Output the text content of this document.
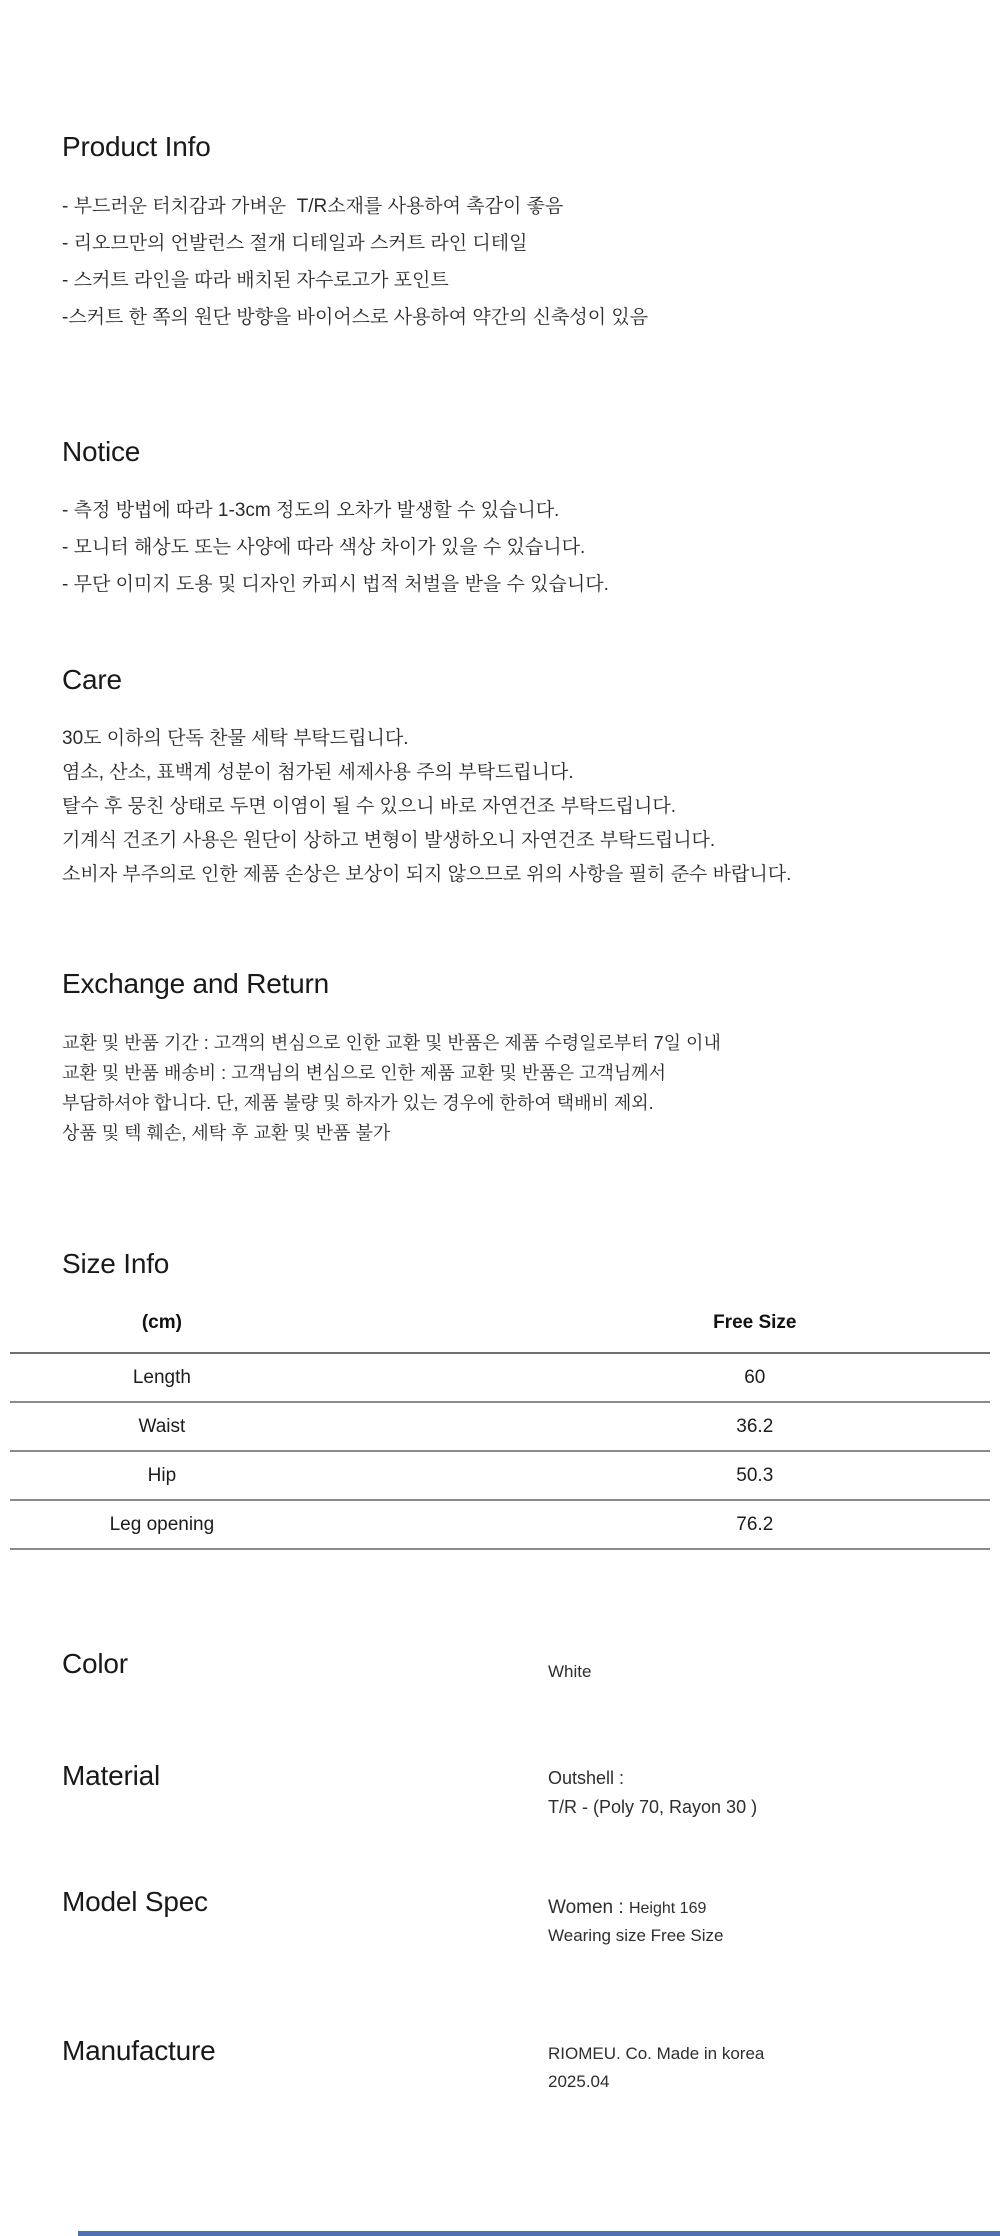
Product Info
- 부드러운 터치감과 가벼운  T/R소재를 사용하여 촉감이 좋음
- 리오므만의 언발런스 절개 디테일과 스커트 라인 디테일
- 스커트 라인을 따라 배치된 자수로고가 포인트
-스커트 한 쪽의 원단 방향을 바이어스로 사용하여 약간의 신축성이 있음
Notice
- 측정 방법에 따라 1-3cm 정도의 오차가 발생할 수 있습니다.
- 모니터 해상도 또는 사양에 따라 색상 차이가 있을 수 있습니다.
- 무단 이미지 도용 및 디자인 카피시 법적 처벌을 받을 수 있습니다.
Care
30도 이하의 단독 찬물 세탁 부탁드립니다.
염소, 산소, 표백계 성분이 첨가된 세제사용 주의 부탁드립니다.
탈수 후 뭉친 상태로 두면 이염이 될 수 있으니 바로 자연건조 부탁드립니다.
기계식 건조기 사용은 원단이 상하고 변형이 발생하오니 자연건조 부탁드립니다.
소비자 부주의로 인한 제품 손상은 보상이 되지 않으므로 위의 사항을 필히 준수 바랍니다.
Exchange and Return
교환 및 반품 기간 : 고객의 변심으로 인한 교환 및 반품은 제품 수령일로부터 7일 이내
교환 및 반품 배송비 : 고객님의 변심으로 인한 제품 교환 및 반품은 고객님께서
부담하셔야 합니다. 단, 제품 불량 및 하자가 있는 경우에 한하여 택배비 제외.
상품 및 텍 훼손, 세탁 후 교환 및 반품 불가
Size Info
(cm)	Free Size
Length	60
Waist	36.2
Hip	50.3
Leg opening	76.2
Color	White
Material	Outshell :
T/R - (Poly 70, Rayon 30 )
Model Spec	Women : Height 169
Wearing size Free Size
Manufacture	RIOMEU. Co. Made in korea
2025.04
